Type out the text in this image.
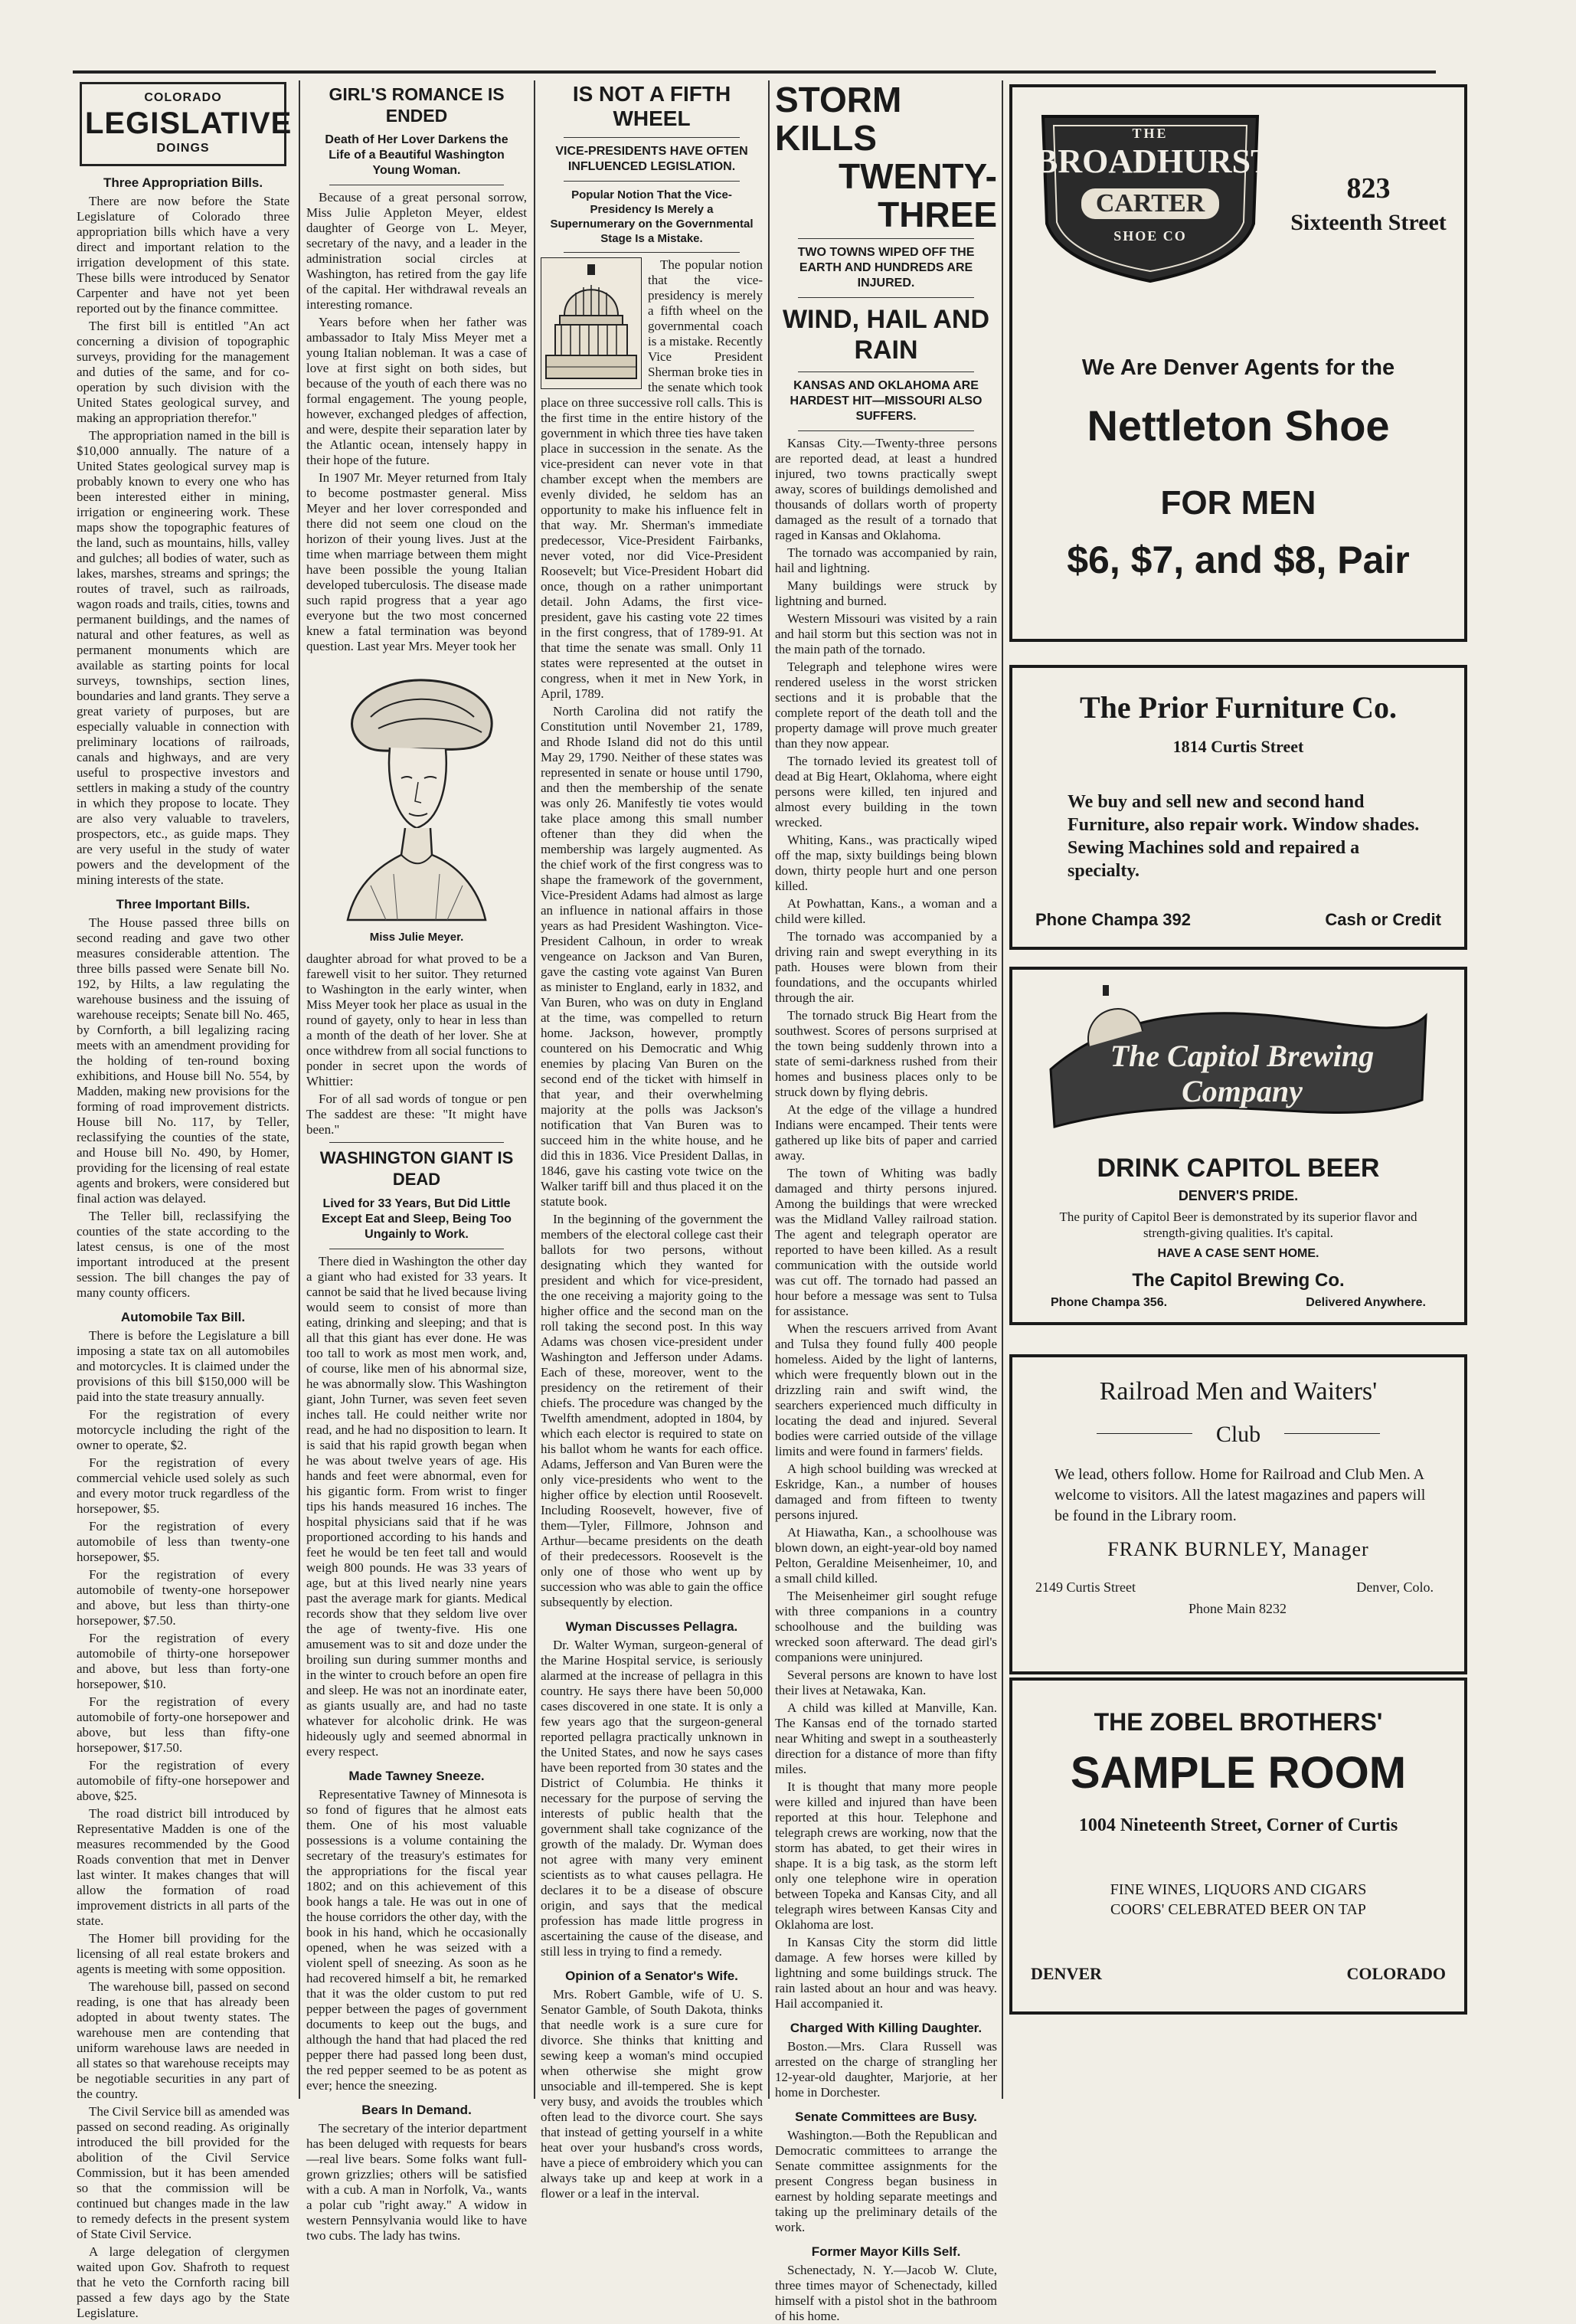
COLORADO
LEGISLATIVE
DOINGS
Three Appropriation Bills.

There are now before the State Legislature of Colorado three appropriation bills which have a very direct and important relation to the irrigation development of this state. These bills were introduced by Senator Carpenter and have not yet been reported out by the finance committee.

The first bill is entitled "An act concerning a division of topographic surveys, providing for the management and duties of the same, and for co-operation by such division with the United States geological survey, and making an appropriation therefor."

The appropriation named in the bill is $10,000 annually. The nature of a United States geological survey map is probably known to every one who has been interested either in mining, irrigation or engineering work. These maps show the topographic features of the land, such as mountains, hills, valley and gulches; all bodies of water, such as lakes, marshes, streams and springs; the routes of travel, such as railroads, wagon roads and trails, cities, towns and permanent buildings, and the names of natural and other features, as well as permanent monuments which are available as starting points for local surveys, townships, section lines, boundaries and land grants. They serve a great variety of purposes, but are especially valuable in connection with preliminary locations of railroads, canals and highways, and are very useful to prospective investors and settlers in making a study of the country in which they propose to locate. They are also very valuable to travelers, prospectors, etc., as guide maps. They are very useful in the study of water powers and the development of the mining interests of the state.

Three Important Bills.

The House passed three bills on second reading and gave two other measures considerable attention. The three bills passed were Senate bill No. 192, by Hilts, a law regulating the warehouse business and the issuing of warehouse receipts; Senate bill No. 465, by Cornforth, a bill legalizing racing meets with an amendment providing for the holding of ten-round boxing exhibitions, and House bill No. 554, by Madden, making new provisions for the forming of road improvement districts. House bill No. 117, by Teller, reclassifying the counties of the state, and House bill No. 490, by Homer, providing for the licensing of real estate agents and brokers, were considered but final action was delayed.

The Teller bill, reclassifying the counties of the state according to the latest census, is one of the most important introduced at the present session. The bill changes the pay of many county officers.

Automobile Tax Bill.

There is before the Legislature a bill imposing a state tax on all automobiles and motorcycles. It is claimed under the provisions of this bill $150,000 will be paid into the state treasury annually.

For the registration of every motorcycle including the right of the owner to operate, $2.

For the registration of every commercial vehicle used solely as such and every motor truck regardless of the horsepower, $5.

For the registration of every automobile of less than twenty-one horsepower, $5.

For the registration of every automobile of twenty-one horsepower and above, but less than thirty-one horsepower, $7.50.

For the registration of every automobile of thirty-one horsepower and above, but less than forty-one horsepower, $10.

For the registration of every automobile of forty-one horsepower and above, but less than fifty-one horsepower, $17.50.

For the registration of every automobile of fifty-one horsepower and above, $25.

The road district bill introduced by Representative Madden is one of the measures recommended by the Good Roads convention that met in Denver last winter. It makes changes that will allow the formation of road improvement districts in all parts of the state.

The Homer bill providing for the licensing of all real estate brokers and agents is meeting with some opposition.

The warehouse bill, passed on second reading, is one that has already been adopted in about twenty states. The warehouse men are contending that uniform warehouse laws are needed in all states so that warehouse receipts may be negotiable securities in any part of the country.

The Civil Service bill as amended was passed on second reading. As originally introduced the bill provided for the abolition of the Civil Service Commission, but it has been amended so that the commission will be continued but changes made in the law to remedy defects in the present system of State Civil Service.

A large delegation of clergymen waited upon Gov. Shafroth to request that he veto the Cornforth racing bill passed a few days ago by the State Legislature.

GIRL'S ROMANCE IS ENDED
Death of Her Lover Darkens the Life of a Beautiful Washington Young Woman.

Because of a great personal sorrow, Miss Julie Appleton Meyer, eldest daughter of George von L. Meyer, secretary of the navy, and a leader in the administration social circles at Washington, has retired from the gay life of the capital. Her withdrawal reveals an interesting romance.

Years before when her father was ambassador to Italy Miss Meyer met a young Italian nobleman. It was a case of love at first sight on both sides, but because of the youth of each there was no formal engagement. The young people, however, exchanged pledges of affection, and were, despite their separation later by the Atlantic ocean, intensely happy in their hope of the future.

In 1907 Mr. Meyer returned from Italy to become postmaster general. Miss Meyer and her lover corresponded and there did not seem one cloud on the horizon of their young lives. Just at the time when marriage between them might have been possible the young Italian developed tuberculosis. The disease made such rapid progress that a year ago everyone but the two most concerned knew a fatal termination was beyond question. Last year Mrs. Meyer took her

Miss Julie Meyer.

daughter abroad for what proved to be a farewell visit to her suitor. They returned to Washington in the early winter, when Miss Meyer took her place as usual in the round of gayety, only to hear in less than a month of the death of her lover. She at once withdrew from all social functions to ponder in secret upon the words of Whittier:

For of all sad words of tongue or pen The saddest are these: "It might have been."

WASHINGTON GIANT IS DEAD
Lived for 33 Years, But Did Little Except Eat and Sleep, Being Too Ungainly to Work.

There died in Washington the other day a giant who had existed for 33 years. It cannot be said that he lived because living would seem to consist of more than eating, drinking and sleeping; and that is all that this giant has ever done. He was too tall to work as most men work, and, of course, like men of his abnormal size, he was abnormally slow. This Washington giant, John Turner, was seven feet seven inches tall. He could neither write nor read, and he had no disposition to learn. It is said that his rapid growth began when he was about twelve years of age. His hands and feet were abnormal, even for his gigantic form. From wrist to finger tips his hands measured 16 inches. The hospital physicians said that if he was proportioned according to his hands and feet he would be ten feet tall and would weigh 800 pounds. He was 33 years of age, but at this lived nearly nine years past the average mark for giants. Medical records show that they seldom live over the age of twenty-five. His one amusement was to sit and doze under the broiling sun during summer months and in the winter to crouch before an open fire and sleep. He was not an inordinate eater, as giants usually are, and had no taste whatever for alcoholic drink. He was hideously ugly and seemed abnormal in every respect.

Made Tawney Sneeze.

Representative Tawney of Minnesota is so fond of figures that he almost eats them. One of his most valuable possessions is a volume containing the secretary of the treasury's estimates for the appropriations for the fiscal year 1802; and on this achievement of this book hangs a tale. He was out in one of the house corridors the other day, with the book in his hand, which he occasionally opened, when he was seized with a violent spell of sneezing. As soon as he had recovered himself a bit, he remarked that it was the older custom to put red pepper between the pages of government documents to keep out the bugs, and although the hand that had placed the red pepper there had passed long been dust, the red pepper seemed to be as potent as ever; hence the sneezing.

Bears In Demand.

The secretary of the interior department has been deluged with requests for bears—real live bears. Some folks want full-grown grizzlies; others will be satisfied with a cub. A man in Norfolk, Va., wants a polar cub "right away." A widow in western Pennsylvania would like to have two cubs. The lady has twins.

IS NOT A FIFTH WHEEL
VICE-PRESIDENTS HAVE OFTEN INFLUENCED LEGISLATION.
Popular Notion That the Vice-Presidency Is Merely a Supernumerary on the Governmental Stage Is a Mistake.

The popular notion that the vice-presidency is merely a fifth wheel on the governmental coach is a mistake. Recently Vice President Sherman broke ties in the senate which took place on three successive roll calls. This is the first time in the entire history of the government in which three ties have taken place in succession in the senate. As the vice-president can never vote in that chamber except when the members are evenly divided, he seldom has an opportunity to make his influence felt in that way. Mr. Sherman's immediate predecessor, Vice-President Fairbanks, never voted, nor did Vice-President Roosevelt; but Vice-President Hobart did once, though on a rather unimportant detail. John Adams, the first vice-president, gave his casting vote 22 times in the first congress, that of 1789-91. At that time the senate was small. Only 11 states were represented at the outset in congress, when it met in New York, in April, 1789.

North Carolina did not ratify the Constitution until November 21, 1789, and Rhode Island did not do this until May 29, 1790. Neither of these states was represented in senate or house until 1790, and then the membership of the senate was only 26. Manifestly tie votes would take place among this small number oftener than they did when the membership was largely augmented. As the chief work of the first congress was to shape the framework of the government, Vice-President Adams had almost as large an influence in national affairs in those years as had President Washington. Vice-President Calhoun, in order to wreak vengeance on Jackson and Van Buren, gave the casting vote against Van Buren as minister to England, early in 1832, and Van Buren, who was on duty in England at the time, was compelled to return home. Jackson, however, promptly countered on his Democratic and Whig enemies by placing Van Buren on the second end of the ticket with himself in that year, and their overwhelming majority at the polls was Jackson's notification that Van Buren was to succeed him in the white house, and he did this in 1836. Vice President Dallas, in 1846, gave his casting vote twice on the Walker tariff bill and thus placed it on the statute book.

In the beginning of the government the members of the electoral college cast their ballots for two persons, without designating which they wanted for president and which for vice-president, the one receiving a majority going to the higher office and the second man on the roll taking the second post. In this way Adams was chosen vice-president under Washington and Jefferson under Adams. Each of these, moreover, went to the presidency on the retirement of their chiefs. The procedure was changed by the Twelfth amendment, adopted in 1804, by which each elector is required to state on his ballot whom he wants for each office. Adams, Jefferson and Van Buren were the only vice-presidents who went to the higher office by election until Roosevelt. Including Roosevelt, however, five of them—Tyler, Fillmore, Johnson and Arthur—became presidents on the death of their predecessors. Roosevelt is the only one of those who went up by succession who was able to gain the office subsequently by election.

Wyman Discusses Pellagra.

Dr. Walter Wyman, surgeon-general of the Marine Hospital service, is seriously alarmed at the increase of pellagra in this country. He says there have been 50,000 cases discovered in one state. It is only a few years ago that the surgeon-general reported pellagra practically unknown in the United States, and now he says cases have been reported from 30 states and the District of Columbia. He thinks it necessary for the purpose of serving the interests of public health that the government shall take cognizance of the growth of the malady. Dr. Wyman does not agree with many very eminent scientists as to what causes pellagra. He declares it to be a disease of obscure origin, and says that the medical profession has made little progress in ascertaining the cause of the disease, and still less in trying to find a remedy.

Opinion of a Senator's Wife.

Mrs. Robert Gamble, wife of U. S. Senator Gamble, of South Dakota, thinks that needle work is a sure cure for divorce. She thinks that knitting and sewing keep a woman's mind occupied when otherwise she might grow unsociable and ill-tempered. She is kept very busy, and avoids the troubles which often lead to the divorce court. She says that instead of getting yourself in a white heat over your husband's cross words, have a piece of embroidery which you can always take up and keep at work in a flower or a leaf in the interval.

STORM KILLS
TWENTY-THREE
TWO TOWNS WIPED OFF THE EARTH AND HUNDREDS ARE INJURED.
WIND, HAIL AND RAIN
KANSAS AND OKLAHOMA ARE HARDEST HIT—MISSOURI ALSO SUFFERS.

Kansas City.—Twenty-three persons are reported dead, at least a hundred injured, two towns practically swept away, scores of buildings demolished and thousands of dollars worth of property damaged as the result of a tornado that raged in Kansas and Oklahoma.

The tornado was accompanied by rain, hail and lightning.

Many buildings were struck by lightning and burned.

Western Missouri was visited by a rain and hail storm but this section was not in the main path of the tornado.

Telegraph and telephone wires were rendered useless in the worst stricken sections and it is probable that the complete report of the death toll and the property damage will prove much greater than they now appear.

The tornado levied its greatest toll of dead at Big Heart, Oklahoma, where eight persons were killed, ten injured and almost every building in the town wrecked.

Whiting, Kans., was practically wiped off the map, sixty buildings being blown down, thirty people hurt and one person killed.

At Powhattan, Kans., a woman and a child were killed.

The tornado was accompanied by a driving rain and swept everything in its path. Houses were blown from their foundations, and the occupants whirled through the air.

The tornado struck Big Heart from the southwest. Scores of persons surprised at the town being suddenly thrown into a state of semi-darkness rushed from their homes and business places only to be struck down by flying debris.

At the edge of the village a hundred Indians were encamped. Their tents were gathered up like bits of paper and carried away.

The town of Whiting was badly damaged and thirty persons injured. Among the buildings that were wrecked was the Midland Valley railroad station. The agent and telegraph operator are reported to have been killed. As a result communication with the outside world was cut off. The tornado had passed an hour before a message was sent to Tulsa for assistance.

When the rescuers arrived from Avant and Tulsa they found fully 400 people homeless. Aided by the light of lanterns, which were frequently blown out in the drizzling rain and swift wind, the searchers experienced much difficulty in locating the dead and injured. Several bodies were carried outside of the village limits and were found in farmers' fields.

A high school building was wrecked at Eskridge, Kan., a number of houses damaged and from fifteen to twenty persons injured.

At Hiawatha, Kan., a schoolhouse was blown down, an eight-year-old boy named Pelton, Geraldine Meisenheimer, 10, and a small child killed.

The Meisenheimer girl sought refuge with three companions in a country schoolhouse and the building was wrecked soon afterward. The dead girl's companions were uninjured.

Several persons are known to have lost their lives at Netawaka, Kan.

A child was killed at Manville, Kan. The Kansas end of the tornado started near Whiting and swept in a southeasterly direction for a distance of more than fifty miles.

It is thought that many more people were killed and injured than have been reported at this hour. Telephone and telegraph crews are working, now that the storm has abated, to get their wires in shape. It is a big task, as the storm left only one telephone wire in operation between Topeka and Kansas City, and all telegraph wires between Kansas City and Oklahoma are lost.

In Kansas City the storm did little damage. A few horses were killed by lightning and some buildings struck. The rain lasted about an hour and was heavy. Hail accompanied it.

Charged With Killing Daughter.

Boston.—Mrs. Clara Russell was arrested on the charge of strangling her 12-year-old daughter, Marjorie, at her home in Dorchester.

Senate Committees are Busy.

Washington.—Both the Republican and Democratic committees to arrange the Senate committee assignments for the present Congress began business in earnest by holding separate meetings and taking up the preliminary details of the work.

Former Mayor Kills Self.

Schenectady, N. Y.—Jacob W. Clute, three times mayor of Schenectady, killed himself with a pistol shot in the bathroom of his home.

THE
BROADHURST
CARTER
SHOE CO
823
Sixteenth Street
We Are Denver Agents for the
Nettleton Shoe
FOR MEN
$6, $7, and $8, Pair
The Prior Furniture Co.
1814 Curtis Street
We buy and sell new and second hand Furniture, also repair work. Window shades. Sewing Machines sold and repaired a specialty.
Phone Champa 392	Cash or Credit
The Capitol Brewing Company
DRINK CAPITOL BEER
DENVER'S PRIDE.
The purity of Capitol Beer is demonstrated by its superior flavor and strength-giving qualities. It's capital.
HAVE A CASE SENT HOME.
The Capitol Brewing Co.
Phone Champa 356.	Delivered Anywhere.
Railroad Men and Waiters'
Club
We lead, others follow. Home for Railroad and Club Men. A welcome to visitors. All the latest magazines and papers will be found in the Library room.
FRANK BURNLEY, Manager
2149 Curtis Street	Denver, Colo.
Phone Main 8232
THE ZOBEL BROTHERS'
SAMPLE ROOM
1004 Nineteenth Street, Corner of Curtis
FINE WINES, LIQUORS AND CIGARS
COORS' CELEBRATED BEER ON TAP
DENVER	COLORADO
